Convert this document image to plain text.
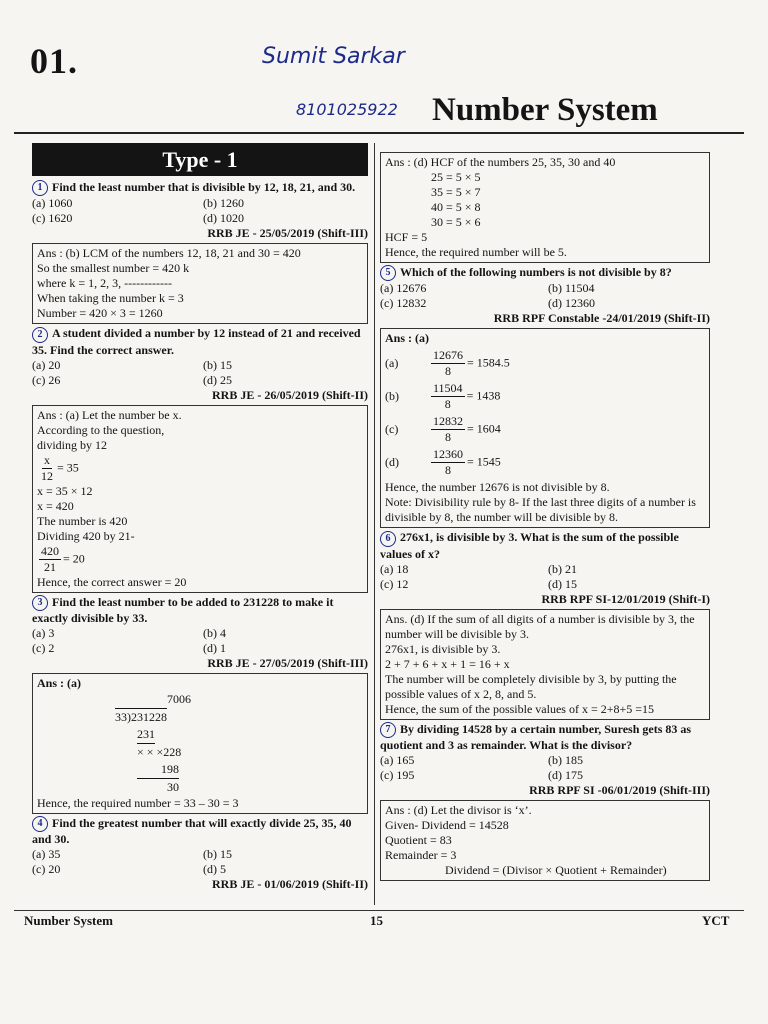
01.	Sumit Sarkar
8101025922 Number System
Type - 1

1 Find the least number that is divisible by 12, 18, 21, and 30.

(a) 1060	(b) 1260
(c) 1620	(d) 1020

RRB JE - 25/05/2019 (Shift-III)

Ans : (b) LCM of the numbers 12, 18, 21 and 30 = 420

So the smallest number = 420 k

where k = 1, 2, 3, ------------

When taking the number k = 3

Number = 420 × 3 = 1260

2 A student divided a number by 12 instead of 21 and received 35. Find the correct answer.

(a) 20	(b) 15
(c) 26	(d) 25

RRB JE - 26/05/2019 (Shift-II)

Ans : (a) Let the number be x.

According to the question,

dividing by 12

$\frac{x}{12} = 35$

x = 35 × 12

x = 420

The number is 420

Dividing 420 by 21-

$\frac{420}{21} = 20$

Hence, the correct answer = 20

3 Find the least number to be added to 231228 to make it exactly divisible by 33.

(a) 3	(b) 4
(c) 2	(d) 1

RRB JE - 27/05/2019 (Shift-III)

Ans : (a)

7006

33)231228

231

× × ×228

198

30

Hence, the required number = 33 – 30 = 3

4 Find the greatest number that will exactly divide 25, 35, 40 and 30.

(a) 35	(b) 15
(c) 20	(d) 5

RRB JE - 01/06/2019 (Shift-II)

Ans : (d) HCF of the numbers 25, 35, 30 and 40

25 = 5 × 5

35 = 5 × 7

40 = 5 × 8

30 = 5 × 6

HCF = 5

Hence, the required number will be 5.

5 Which of the following numbers is not divisible by 8?

(a) 12676	(b) 11504
(c) 12832	(d) 12360

RRB RPF Constable -24/01/2019 (Shift-II)

Ans : (a)

(a)	$\frac{12676}{8} = 1584.5$
(b)	$\frac{11504}{8} = 1438$
(c)	$\frac{12832}{8} = 1604$
(d)	$\frac{12360}{8} = 1545$

Hence, the number 12676 is not divisible by 8.

Note: Divisibility rule by 8- If the last three digits of a number is divisible by 8, the number will be divisible by 8.

6 276x1, is divisible by 3. What is the sum of the possible values of x?

(a) 18	(b) 21
(c) 12	(d) 15

RRB RPF SI-12/01/2019 (Shift-I)

Ans. (d) If the sum of all digits of a number is divisible by 3, the number will be divisible by 3.

276x1, is divisible by 3.

2 + 7 + 6 + x + 1 = 16 + x

The number will be completely divisible by 3, by putting the possible values of x 2, 8, and 5.

Hence, the sum of the possible values of x = 2+8+5 =15

7 By dividing 14528 by a certain number, Suresh gets 83 as quotient and 3 as remainder. What is the divisor?

(a) 165	(b) 185
(c) 195	(d) 175

RRB RPF SI -06/01/2019 (Shift-III)

Ans : (d) Let the divisor is ‘x’.

Given- Dividend = 14528

Quotient = 83

Remainder = 3

Dividend = (Divisor × Quotient + Remainder)

Number System	15	YCT
